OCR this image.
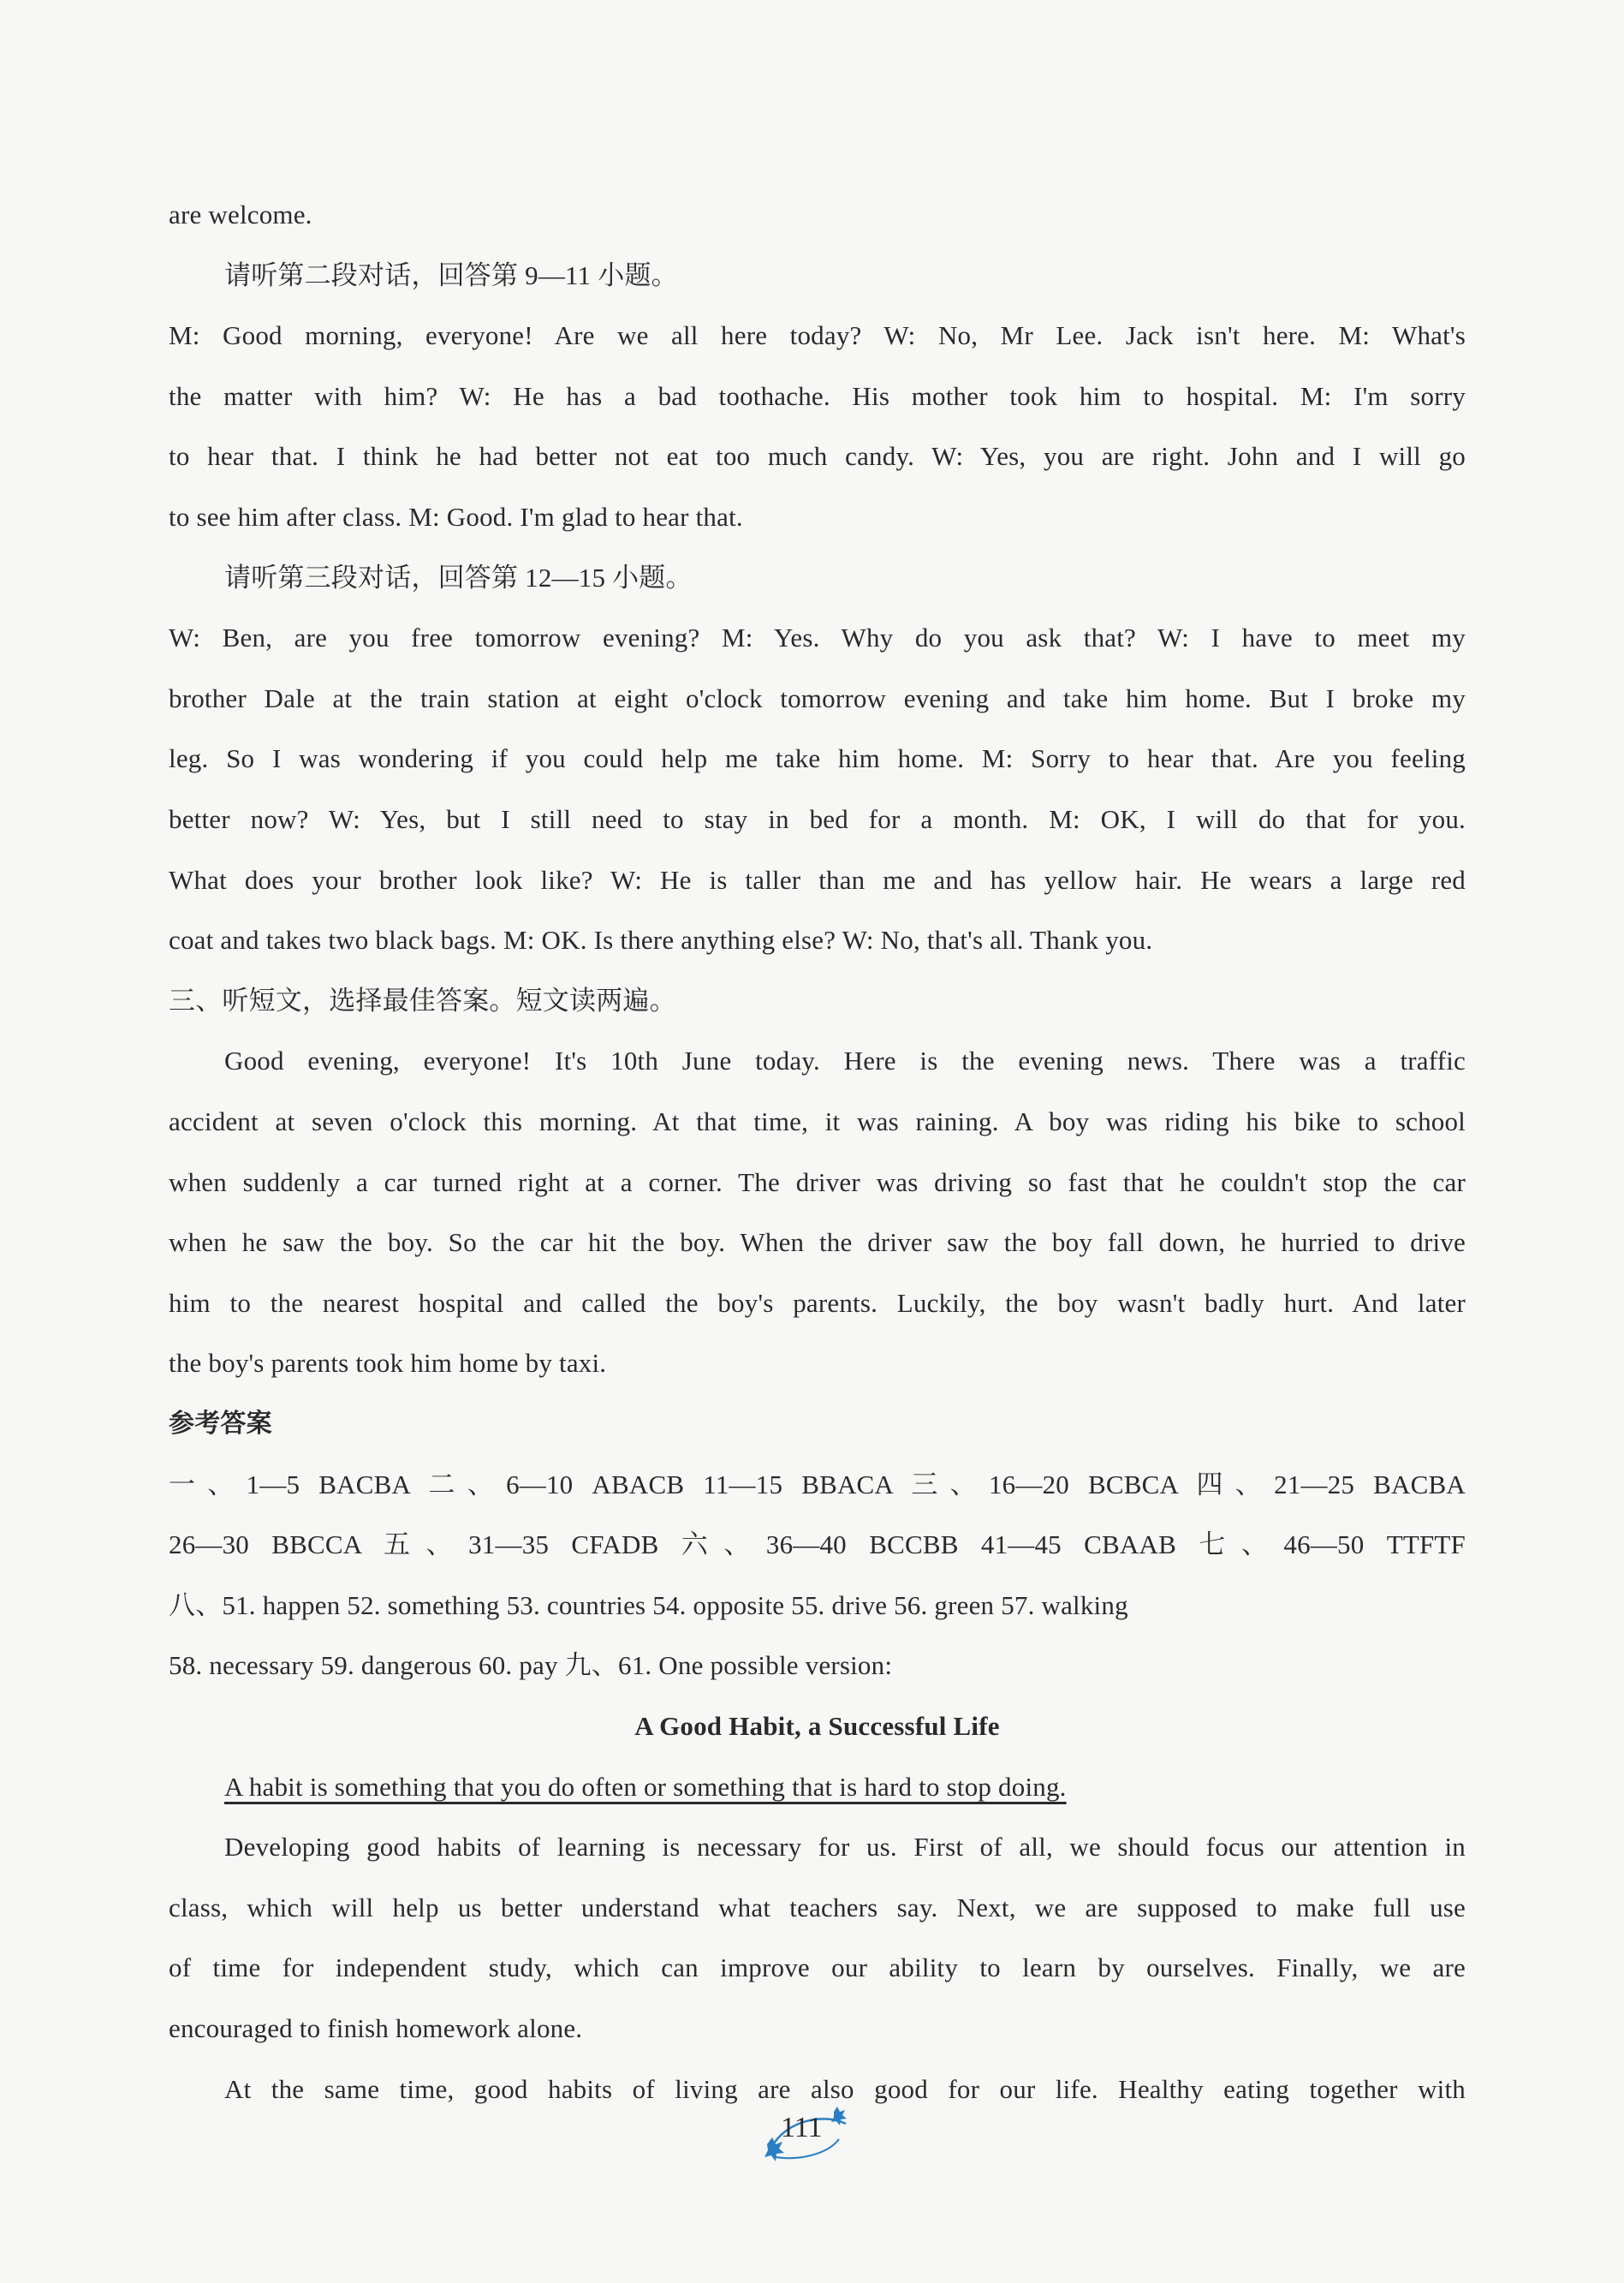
are welcome.
请听第二段对话，回答第 9—11 小题。
M: Good morning, everyone! Are we all here today? W: No, Mr Lee. Jack isn't here. M: What's
the matter with him? W: He has a bad toothache. His mother took him to hospital. M: I'm sorry
to hear that. I think he had better not eat too much candy. W: Yes, you are right. John and I will go
to see him after class. M: Good. I'm glad to hear that.
请听第三段对话，回答第 12—15 小题。
W: Ben, are you free tomorrow evening? M: Yes. Why do you ask that? W: I have to meet my
brother Dale at the train station at eight o'clock tomorrow evening and take him home. But I broke my
leg. So I was wondering if you could help me take him home. M: Sorry to hear that. Are you feeling
better now? W: Yes, but I still need to stay in bed for a month. M: OK, I will do that for you.
What does your brother look like? W: He is taller than me and has yellow hair. He wears a large red
coat and takes two black bags. M: OK. Is there anything else? W: No, that's all. Thank you.
三、听短文，选择最佳答案。短文读两遍。
Good evening, everyone! It's 10th June today. Here is the evening news. There was a traffic
accident at seven o'clock this morning. At that time, it was raining. A boy was riding his bike to school
when suddenly a car turned right at a corner. The driver was driving so fast that he couldn't stop the car
when he saw the boy. So the car hit the boy. When the driver saw the boy fall down, he hurried to drive
him to the nearest hospital and called the boy's parents. Luckily, the boy wasn't badly hurt. And later
the boy's parents took him home by taxi.
参考答案
一、1—5 BACBA 二、6—10 ABACB 11—15 BBACA 三、16—20 BCBCA 四、21—25 BACBA
26—30 BBCCA 五、31—35 CFADB 六、36—40 BCCBB 41—45 CBAAB 七、46—50 TTFTF
八、51. happen 52. something 53. countries 54. opposite 55. drive 56. green 57. walking
58. necessary 59. dangerous 60. pay 九、61. One possible version:
A Good Habit, a Successful Life
A habit is something that you do often or something that is hard to stop doing.
Developing good habits of learning is necessary for us. First of all, we should focus our attention in
class, which will help us better understand what teachers say. Next, we are supposed to make full use
of time for independent study, which can improve our ability to learn by ourselves. Finally, we are
encouraged to finish homework alone.
At the same time, good habits of living are also good for our life. Healthy eating together with
111
